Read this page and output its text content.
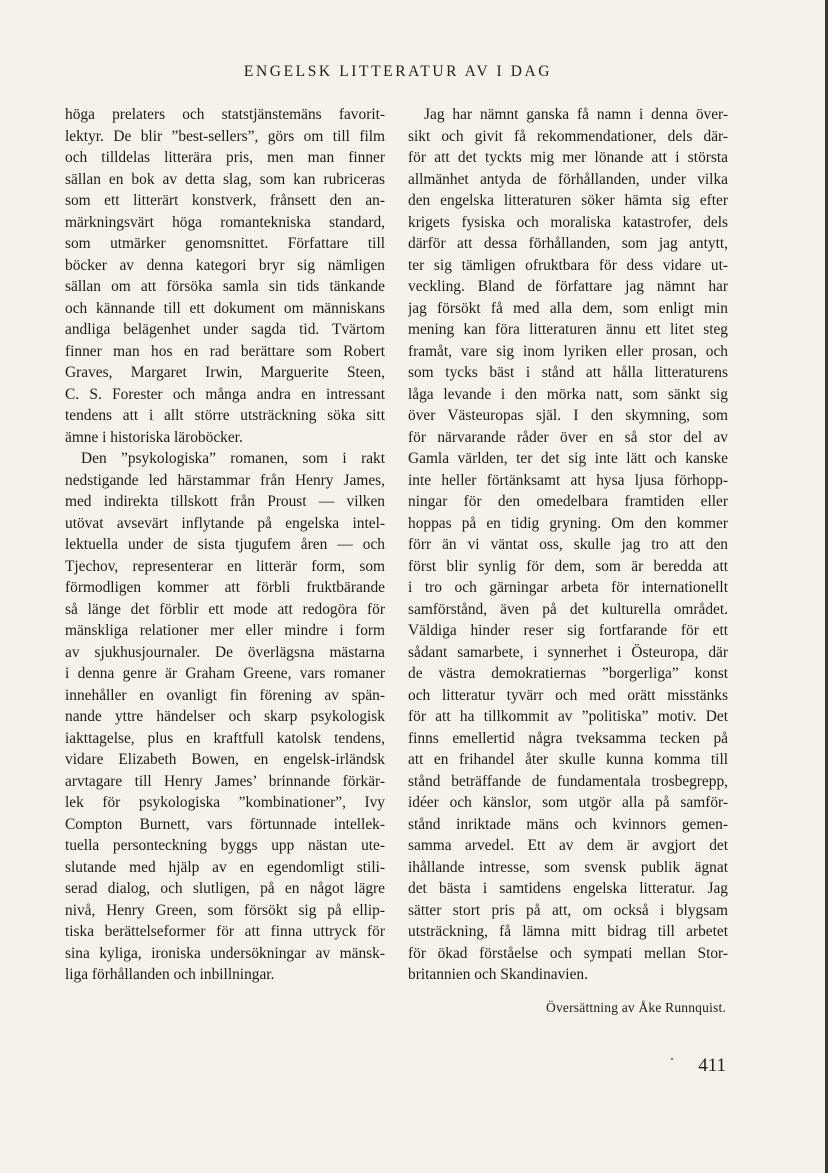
ENGELSK LITTERATUR AV I DAG
höga prelaters och statstjänstemäns favorit-
lektyr. De blir ”best-sellers”, görs om till film
och tilldelas litterära pris, men man finner
sällan en bok av detta slag, som kan rubriceras
som ett litterärt konstverk, frånsett den an-
märkningsvärt höga romantekniska standard,
som utmärker genomsnittet. Författare till
böcker av denna kategori bryr sig nämligen
sällan om att försöka samla sin tids tänkande
och kännande till ett dokument om människans
andliga belägenhet under sagda tid. Tvärtom
finner man hos en rad berättare som Robert
Graves, Margaret Irwin, Marguerite Steen,
C. S. Forester och många andra en intressant
tendens att i allt större utsträckning söka sitt
ämne i historiska läroböcker.
Den ”psykologiska” romanen, som i rakt
nedstigande led härstammar från Henry James,
med indirekta tillskott från Proust — vilken
utövat avsevärt inflytande på engelska intel-
lektuella under de sista tjugufem åren — och
Tjechov, representerar en litterär form, som
förmodligen kommer att förbli fruktbärande
så länge det förblir ett mode att redogöra för
mänskliga relationer mer eller mindre i form
av sjukhusjournaler. De överlägsna mästarna
i denna genre är Graham Greene, vars romaner
innehåller en ovanligt fin förening av spän-
nande yttre händelser och skarp psykologisk
iakttagelse, plus en kraftfull katolsk tendens,
vidare Elizabeth Bowen, en engelsk-irländsk
arvtagare till Henry James’ brinnande förkär-
lek för psykologiska ”kombinationer”, Ivy
Compton Burnett, vars förtunnade intellek-
tuella personteckning byggs upp nästan ute-
slutande med hjälp av en egendomligt stili-
serad dialog, och slutligen, på en något lägre
nivå, Henry Green, som försökt sig på ellip-
tiska berättelseformer för att finna uttryck för
sina kyliga, ironiska undersökningar av mänsk-
liga förhållanden och inbillningar.
Jag har nämnt ganska få namn i denna över-
sikt och givit få rekommendationer, dels där-
för att det tyckts mig mer lönande att i största
allmänhet antyda de förhållanden, under vilka
den engelska litteraturen söker hämta sig efter
krigets fysiska och moraliska katastrofer, dels
därför att dessa förhållanden, som jag antytt,
ter sig tämligen ofruktbara för dess vidare ut-
veckling. Bland de författare jag nämnt har
jag försökt få med alla dem, som enligt min
mening kan föra litteraturen ännu ett litet steg
framåt, vare sig inom lyriken eller prosan, och
som tycks bäst i stånd att hålla litteraturens
låga levande i den mörka natt, som sänkt sig
över Västeuropas själ. I den skymning, som
för närvarande råder över en så stor del av
Gamla världen, ter det sig inte lätt och kanske
inte heller förtänksamt att hysa ljusa förhopp-
ningar för den omedelbara framtiden eller
hoppas på en tidig gryning. Om den kommer
förr än vi väntat oss, skulle jag tro att den
först blir synlig för dem, som är beredda att
i tro och gärningar arbeta för internationellt
samförstånd, även på det kulturella området.
Väldiga hinder reser sig fortfarande för ett
sådant samarbete, i synnerhet i Östeuropa, där
de västra demokratiernas ”borgerliga” konst
och litteratur tyvärr och med orätt misstänks
för att ha tillkommit av ”politiska” motiv. Det
finns emellertid några tveksamma tecken på
att en frihandel åter skulle kunna komma till
stånd beträffande de fundamentala trosbegrepp,
idéer och känslor, som utgör alla på samför-
stånd inriktade mäns och kvinnors gemen-
samma arvedel. Ett av dem är avgjort det
ihållande intresse, som svensk publik ägnat
det bästa i samtidens engelska litteratur. Jag
sätter stort pris på att, om också i blygsam
utsträckning, få lämna mitt bidrag till arbetet
för ökad förståelse och sympati mellan Stor-
britannien och Skandinavien.
Översättning av Åke Runnquist.
411
